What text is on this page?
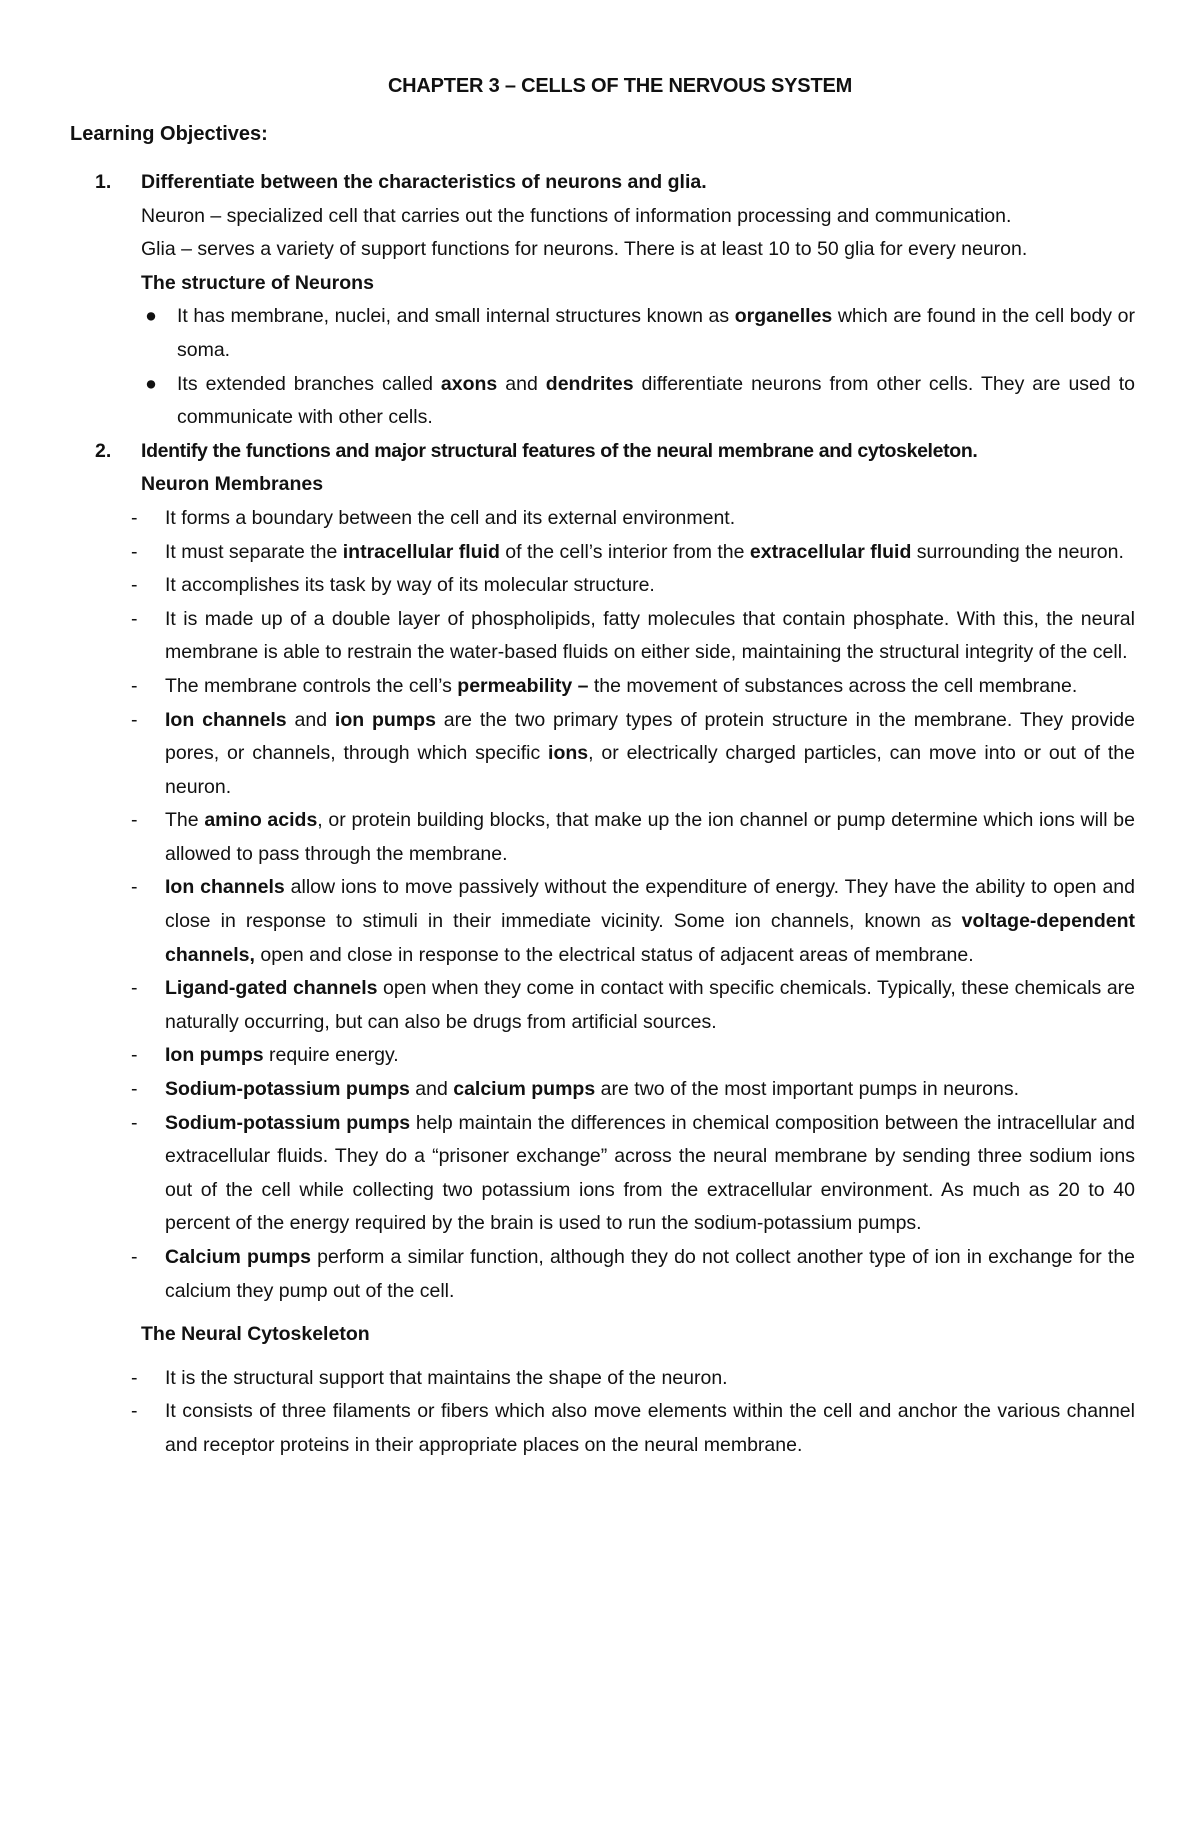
CHAPTER 3 – CELLS OF THE NERVOUS SYSTEM
Learning Objectives:
1.	Differentiate between the characteristics of neurons and glia.

Neuron – specialized cell that carries out the functions of information processing and communication.

Glia – serves a variety of support functions for neurons. There is at least 10 to 50 glia for every neuron.

The structure of Neurons
● It has membrane, nuclei, and small internal structures known as organelles which are found in the cell body or soma.
● Its extended branches called axons and dendrites differentiate neurons from other cells. They are used to communicate with other cells.
2.	Identify the functions and major structural features of the neural membrane and cytoskeleton.
Neuron Membranes
- It forms a boundary between the cell and its external environment.
- It must separate the intracellular fluid of the cell’s interior from the extracellular fluid surrounding the neuron.
- It accomplishes its task by way of its molecular structure.
- It is made up of a double layer of phospholipids, fatty molecules that contain phosphate. With this, the neural membrane is able to restrain the water-based fluids on either side, maintaining the structural integrity of the cell.
- The membrane controls the cell’s permeability – the movement of substances across the cell membrane.
- Ion channels and ion pumps are the two primary types of protein structure in the membrane. They provide pores, or channels, through which specific ions, or electrically charged particles, can move into or out of the neuron.
- The amino acids, or protein building blocks, that make up the ion channel or pump determine which ions will be allowed to pass through the membrane.
- Ion channels allow ions to move passively without the expenditure of energy. They have the ability to open and close in response to stimuli in their immediate vicinity. Some ion channels, known as voltage-dependent channels, open and close in response to the electrical status of adjacent areas of membrane.
- Ligand-gated channels open when they come in contact with specific chemicals. Typically, these chemicals are naturally occurring, but can also be drugs from artificial sources.
- Ion pumps require energy.
- Sodium-potassium pumps and calcium pumps are two of the most important pumps in neurons.
- Sodium-potassium pumps help maintain the differences in chemical composition between the intracellular and extracellular fluids. They do a “prisoner exchange” across the neural membrane by sending three sodium ions out of the cell while collecting two potassium ions from the extracellular environment. As much as 20 to 40 percent of the energy required by the brain is used to run the sodium-potassium pumps.
- Calcium pumps perform a similar function, although they do not collect another type of ion in exchange for the calcium they pump out of the cell.
The Neural Cytoskeleton
- It is the structural support that maintains the shape of the neuron.
- It consists of three filaments or fibers which also move elements within the cell and anchor the various channel and receptor proteins in their appropriate places on the neural membrane.
